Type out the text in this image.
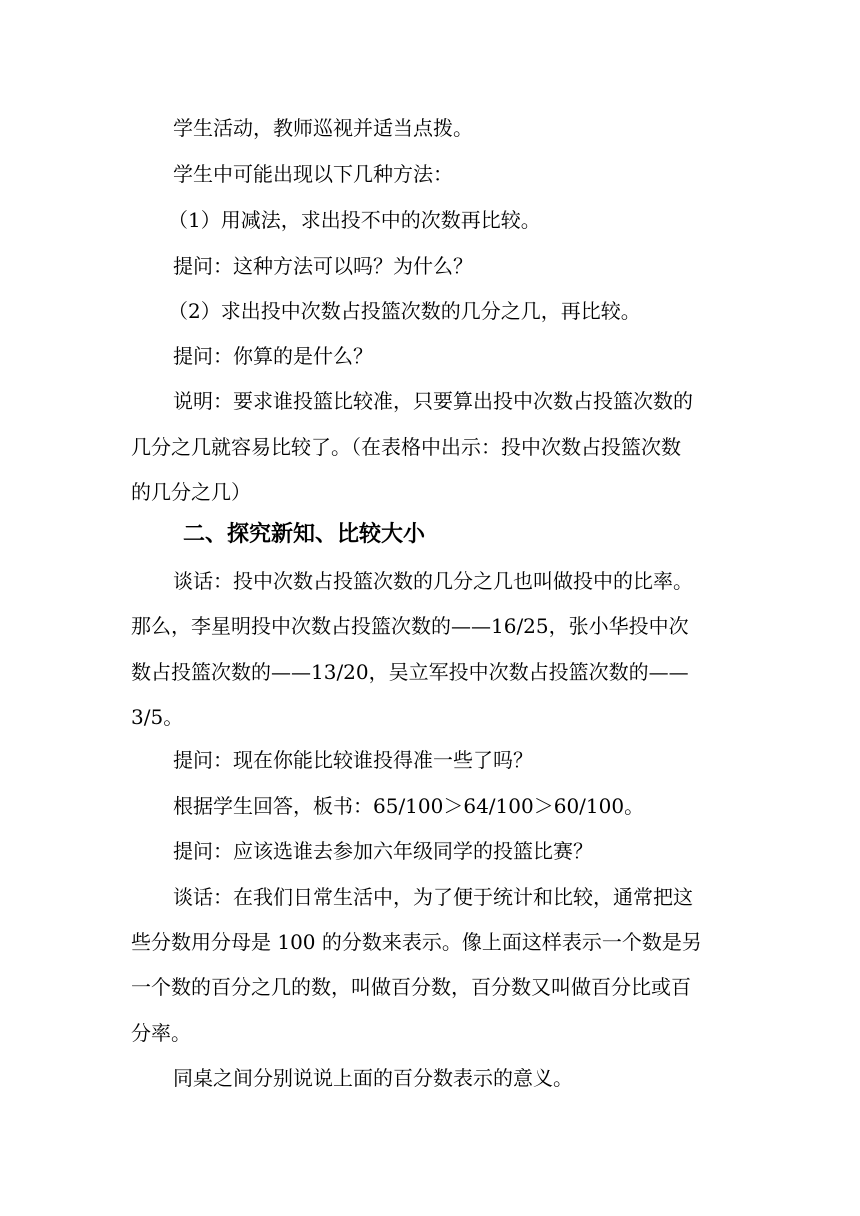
学生活动，教师巡视并适当点拨。
学生中可能出现以下几种方法：
（1）用减法，求出投不中的次数再比较。
提问：这种方法可以吗？为什么？
（2）求出投中次数占投篮次数的几分之几，再比较。
提问：你算的是什么？
说明：要求谁投篮比较准，只要算出投中次数占投篮次数的
几分之几就容易比较了。（在表格中出示：投中次数占投篮次数
的几分之几）
二、探究新知、比较大小
谈话：投中次数占投篮次数的几分之几也叫做投中的比率。
那么，李星明投中次数占投篮次数的——16/25，张小华投中次
数占投篮次数的——13/20，吴立军投中次数占投篮次数的——
3/5。
提问：现在你能比较谁投得准一些了吗？
根据学生回答，板书：65/100＞64/100＞60/100。
提问：应该选谁去参加六年级同学的投篮比赛？
谈话：在我们日常生活中，为了便于统计和比较，通常把这
些分数用分母是 100 的分数来表示。像上面这样表示一个数是另
一个数的百分之几的数，叫做百分数，百分数又叫做百分比或百
分率。
同桌之间分别说说上面的百分数表示的意义。
